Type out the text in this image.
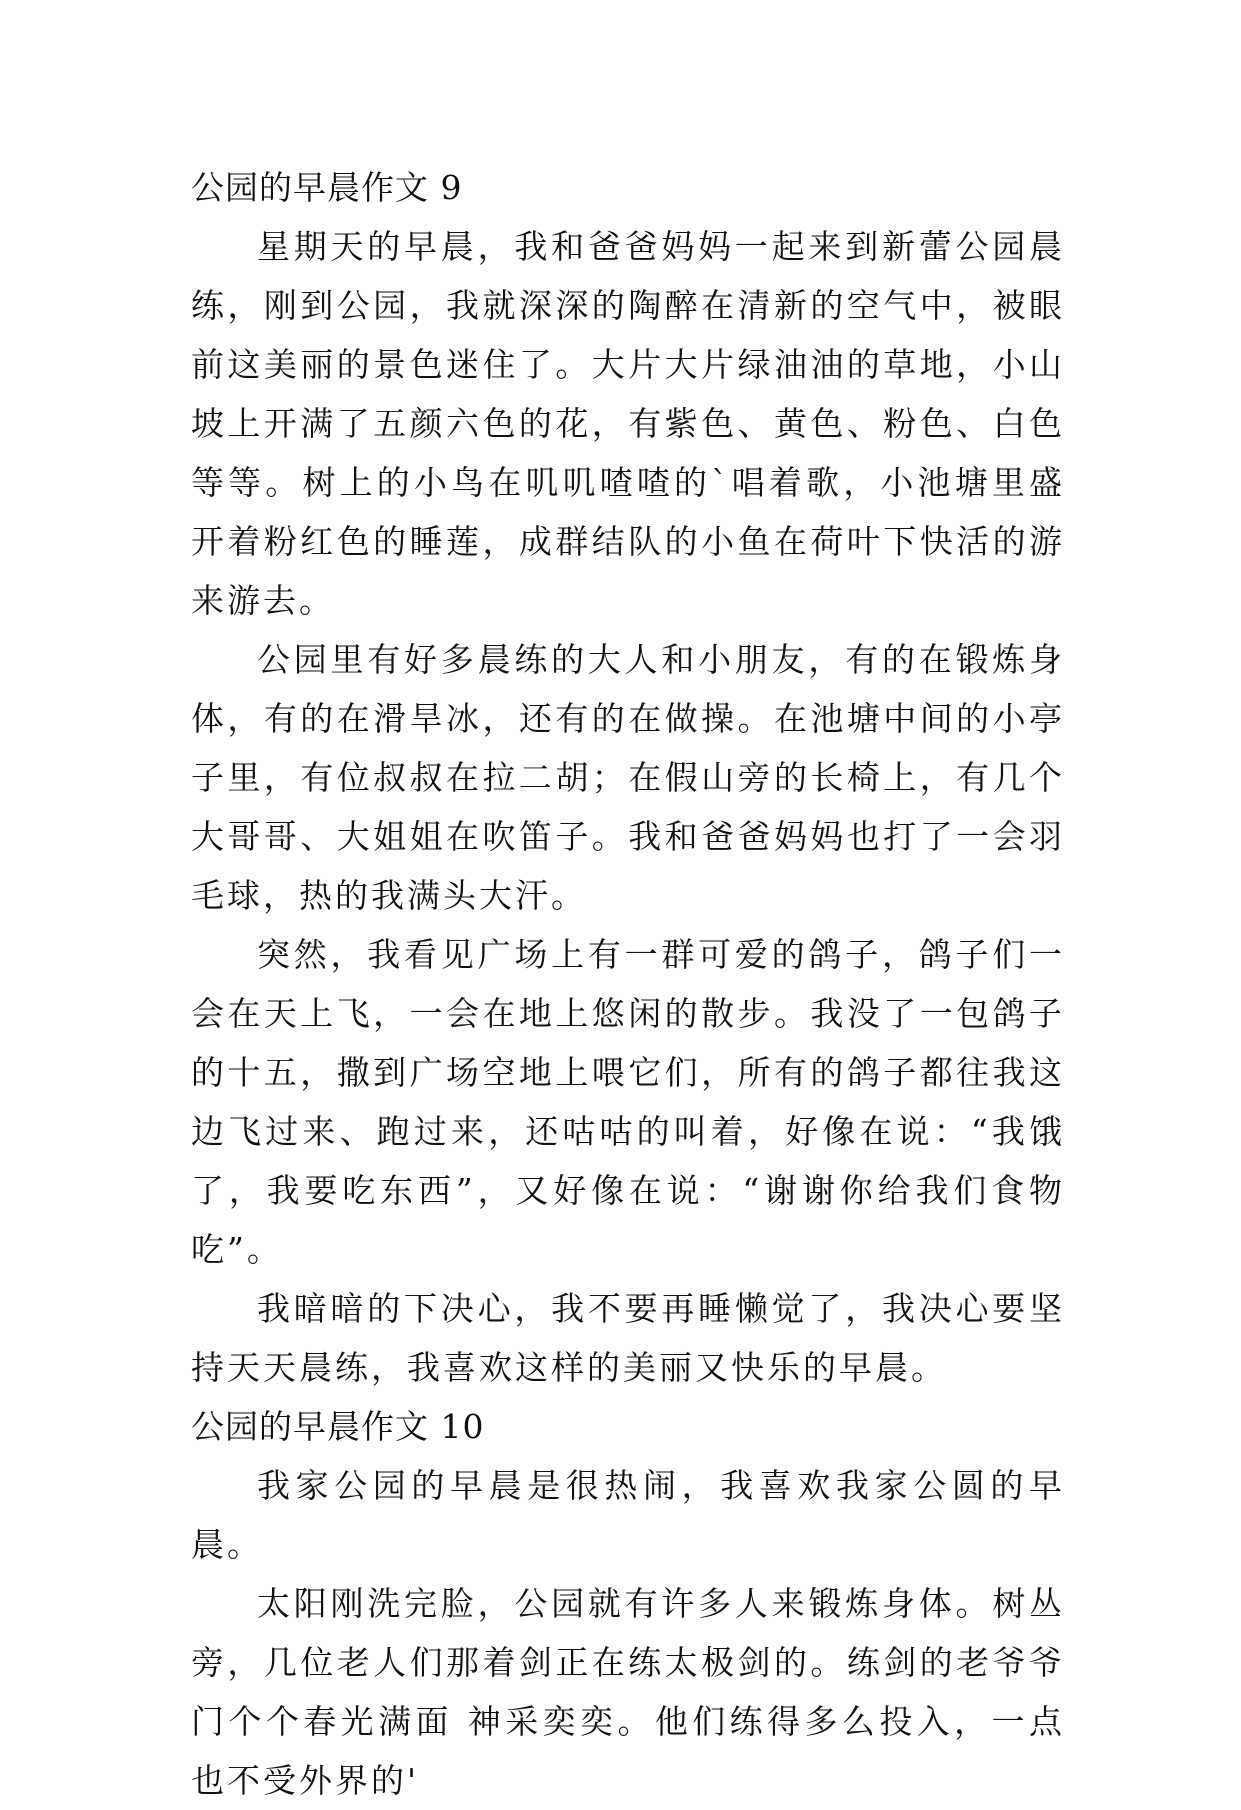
公园的早晨作文 9

星期天的早晨，我和爸爸妈妈一起来到新蕾公园晨练，刚到公园，我就深深的陶醉在清新的空气中，被眼前这美丽的景色迷住了。大片大片绿油油的草地，小山坡上开满了五颜六色的花，有紫色、黄色、粉色、白色等等。树上的小鸟在叽叽喳喳的`唱着歌，小池塘里盛开着粉红色的睡莲，成群结队的小鱼在荷叶下快活的游来游去。

公园里有好多晨练的大人和小朋友，有的在锻炼身体，有的在滑旱冰，还有的在做操。在池塘中间的小亭子里，有位叔叔在拉二胡；在假山旁的长椅上，有几个大哥哥、大姐姐在吹笛子。我和爸爸妈妈也打了一会羽毛球，热的我满头大汗。

突然，我看见广场上有一群可爱的鸽子，鸽子们一会在天上飞，一会在地上悠闲的散步。我没了一包鸽子的十五，撒到广场空地上喂它们，所有的鸽子都往我这边飞过来、跑过来，还咕咕的叫着，好像在说：“我饿了，我要吃东西”，又好像在说：“谢谢你给我们食物吃”。

我暗暗的下决心，我不要再睡懒觉了，我决心要坚持天天晨练，我喜欢这样的美丽又快乐的早晨。

公园的早晨作文 10

我家公园的早晨是很热闹，我喜欢我家公圆的早晨。

太阳刚洗完脸，公园就有许多人来锻炼身体。树丛旁，几位老人们那着剑正在练太极剑的。练剑的老爷爷门个个春光满面 神采奕奕。他们练得多么投入，一点也不受外界的'
